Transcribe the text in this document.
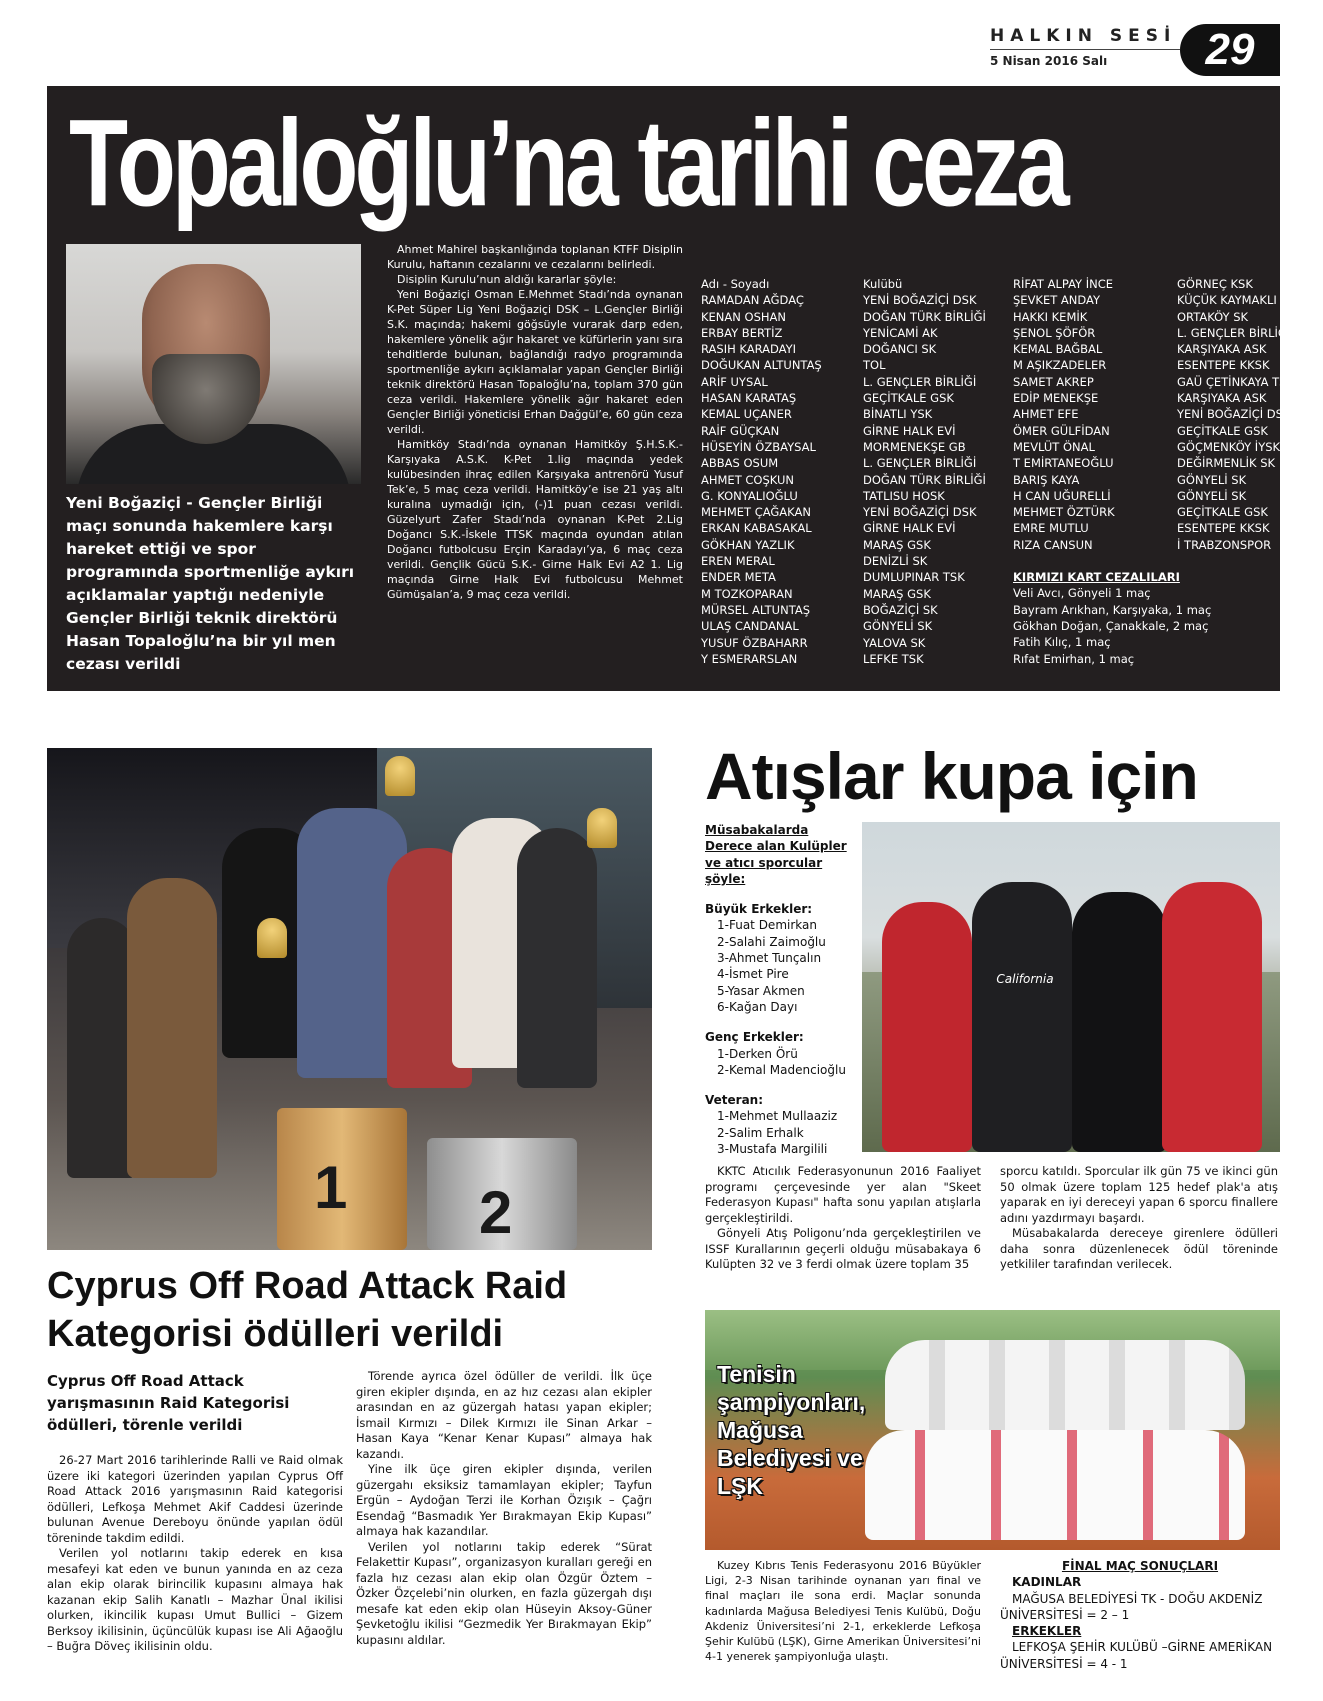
HALKIN SESİ
5 Nisan 2016 Salı	29
Topaloğlu’na tarihi ceza
Yeni Boğaziçi - Gençler Birliği maçı sonunda hakemlere karşı hareket ettiği ve spor programında sportmenliğe aykırı açıklamalar yaptığı nedeniyle Gençler Birliği teknik direktörü Hasan Topaloğlu’na bir yıl men cezası verildi

Ahmet Mahirel başkanlığında toplanan KTFF Disiplin Kurulu, haftanın cezalarını ve cezalarını belirledi.

Disiplin Kurulu’nun aldığı kararlar şöyle:

Yeni Boğaziçi Osman E.Mehmet Stadı’nda oynanan K-Pet Süper Lig Yeni Boğaziçi DSK – L.Gençler Birliği S.K. maçında; hakemi göğsüyle vurarak darp eden, hakemlere yönelik ağır hakaret ve küfürlerin yanı sıra tehditlerde bulunan, bağlandığı radyo programında sportmenliğe aykırı açıklamalar yapan Gençler Birliği teknik direktörü Hasan Topaloğlu’na, toplam 370 gün ceza verildi. Hakemlere yönelik ağır hakaret eden Gençler Birliği yöneticisi Erhan Dağgül’e, 60 gün ceza verildi.

Hamitköy Stadı’nda oynanan Hamitköy Ş.H.S.K.-Karşıyaka A.S.K. K-Pet 1.lig maçında yedek kulübesinden ihraç edilen Karşıyaka antrenörü Yusuf Tek’e, 5 maç ceza verildi. Hamitköy’e ise 21 yaş altı kuralına uymadığı için, (-)1 puan cezası verildi. Güzelyurt Zafer Stadı’nda oynanan K-Pet 2.Lig Doğancı S.K.-İskele TTSK maçında oyundan atılan Doğancı futbolcusu Erçin Karadayı’ya, 6 maç ceza verildi. Gençlik Gücü S.K.- Girne Halk Evi A2 1. Lig maçında Girne Halk Evi futbolcusu Mehmet Gümüşalan’a, 9 maç ceza verildi.

Adı - Soyadı
RAMADAN AĞDAÇ
KENAN OSHAN
ERBAY BERTİZ
RASIH KARADAYI
DOĞUKAN ALTUNTAŞ
ARİF UYSAL
HASAN KARATAŞ
KEMAL UÇANER
RAİF GÜÇKAN
HÜSEYİN ÖZBAYSAL
ABBAS OSUM
AHMET COŞKUN
G. KONYALIOĞLU
MEHMET ÇAĞAKAN
ERKAN KABASAKAL
GÖKHAN YAZLIK
EREN MERAL
ENDER META
M TOZKOPARAN
MÜRSEL ALTUNTAŞ
ULAŞ CANDANAL
YUSUF ÖZBAHARR
Y ESMERARSLAN
Kulübü
YENİ BOĞAZİÇİ DSK
DOĞAN TÜRK BİRLİĞİ
YENİCAMİ AK
DOĞANCI SK
TOL
L. GENÇLER BİRLİĞİ
GEÇİTKALE GSK
BİNATLI YSK
GİRNE HALK EVİ
MORMENEKŞE GB
L. GENÇLER BİRLİĞİ
DOĞAN TÜRK BİRLİĞİ
TATLISU HOSK
YENİ BOĞAZİÇİ DSK
GİRNE HALK EVİ
MARAŞ GSK
DENİZLİ SK
DUMLUPINAR TSK
MARAŞ GSK
BOĞAZİÇİ SK
GÖNYELİ SK
YALOVA SK
LEFKE TSK
RİFAT ALPAY İNCE
ŞEVKET ANDAY
HAKKI KEMİK
ŞENOL ŞÖFÖR
KEMAL BAĞBAL
M AŞIKZADELER
SAMET AKREP
EDİP MENEKŞE
AHMET EFE
ÖMER GÜLFİDAN
MEVLÜT ÖNAL
T EMİRTANEOĞLU
BARIŞ KAYA
H CAN UĞURELLİ
MEHMET ÖZTÜRK
EMRE MUTLU
RIZA CANSUN
KIRMIZI KART CEZALILARI
Veli Avcı, Gönyeli 1 maç
Bayram Arıkhan, Karşıyaka, 1 maç
Gökhan Doğan, Çanakkale, 2 maç
Fatih Kılıç, 1 maç
Rıfat Emirhan, 1 maç
GÖRNEÇ KSK
KÜÇÜK KAYMAKLI
ORTAKÖY SK
L. GENÇLER BİRLİĞİ
KARŞIYAKA ASK
ESENTEPE KKSK
GAÜ ÇETİNKAYA TSK
KARŞIYAKA ASK
YENİ BOĞAZİÇİ DSK
GEÇİTKALE GSK
GÖÇMENKÖY İYSK
DEĞİRMENLİK SK
GÖNYELİ SK
GÖNYELİ SK
GEÇİTKALE GSK
ESENTEPE KKSK
İ TRABZONSPOR
1 2
Cyprus Off Road Attack Raid Kategorisi ödülleri verildi
Cyprus Off Road Attack yarışmasının Raid Kategorisi ödülleri, törenle verildi

26-27 Mart 2016 tarihlerinde Ralli ve Raid olmak üzere iki kategori üzerinden yapılan Cyprus Off Road Attack 2016 yarışmasının Raid kategorisi ödülleri, Lefkoşa Mehmet Akif Caddesi üzerinde bulunan Avenue Dereboyu önünde yapılan ödül töreninde takdim edildi.

Verilen yol notlarını takip ederek en kısa mesafeyi kat eden ve bunun yanında en az ceza alan ekip olarak birincilik kupasını almaya hak kazanan ekip Salih Kanatlı – Mazhar Ünal ikilisi olurken, ikincilik kupası Umut Bullici – Gizem Berksoy ikilisinin, üçüncülük kupası ise Ali Ağaoğlu – Buğra Döveç ikilisinin oldu.

Törende ayrıca özel ödüller de verildi. İlk üçe giren ekipler dışında, en az hız cezası alan ekipler arasından en az güzergah hatası yapan ekipler; İsmail Kırmızı – Dilek Kırmızı ile Sinan Arkar – Hasan Kaya “Kenar Kenar Kupası” almaya hak kazandı.

Yine ilk üçe giren ekipler dışında, verilen güzergahı eksiksiz tamamlayan ekipler; Tayfun Ergün – Aydoğan Terzi ile Korhan Özışık – Çağrı Esendağ “Basmadık Yer Bırakmayan Ekip Kupası” almaya hak kazandılar.

Verilen yol notlarını takip ederek “Sürat Felakettir Kupası”, organizasyon kuralları gereği en fazla hız cezası alan ekip olan Özgür Öztem – Özker Özçelebi’nin olurken, en fazla güzergah dışı mesafe kat eden ekip olan Hüseyin Aksoy-Güner Şevketoğlu ikilisi “Gezmedik Yer Bırakmayan Ekip” kupasını aldılar.

Atışlar kupa için
Müsabakalarda Derece alan Kulüpler ve atıcı sporcular şöyle:
Büyük Erkekler:
1-Fuat Demirkan
2-Salahi Zaimoğlu
3-Ahmet Tunçalın
4-İsmet Pire
5-Yasar Akmen
6-Kağan Dayı
Genç Erkekler:
1-Derken Örü
2-Kemal Madencioğlu
Veteran:
1-Mehmet Mullaaziz
2-Salim Erhalk
3-Mustafa Margilili
California

KKTC Atıcılık Federasyonunun 2016 Faaliyet programı çerçevesinde yer alan "Skeet Federasyon Kupası" hafta sonu yapılan atışlarla gerçekleştirildi.

Gönyeli Atış Poligonu’nda gerçekleştirilen ve ISSF Kurallarının geçerli olduğu müsabakaya 6 Kulüpten 32 ve 3 ferdi olmak üzere toplam 35

sporcu katıldı. Sporcular ilk gün 75 ve ikinci gün 50 olmak üzere toplam 125 hedef plak'a atış yaparak en iyi dereceyi yapan 6 sporcu finallere adını yazdırmayı başardı.

Müsabakalarda dereceye girenlere ödülleri daha sonra düzenlenecek ödül töreninde yetkililer tarafından verilecek.

Tenisin şampiyonları, Mağusa Belediyesi ve LŞK

Kuzey Kıbrıs Tenis Federasyonu 2016 Büyükler Ligi, 2-3 Nisan tarihinde oynanan yarı final ve final maçları ile sona erdi. Maçlar sonunda kadınlarda Mağusa Belediyesi Tenis Kulübü, Doğu Akdeniz Üniversitesi’ni 2-1, erkeklerde Lefkoşa Şehir Kulübü (LŞK), Girne Amerikan Üniversitesi’ni 4-1 yenerek şampiyonluğa ulaştı.

FİNAL MAÇ SONUÇLARI
KADINLAR
MAĞUSA BELEDİYESİ TK - DOĞU AKDENİZ ÜNİVERSİTESİ = 2 – 1
ERKEKLER
LEFKOŞA ŞEHİR KULÜBÜ –GİRNE AMERİKAN ÜNİVERSİTESİ = 4 - 1
